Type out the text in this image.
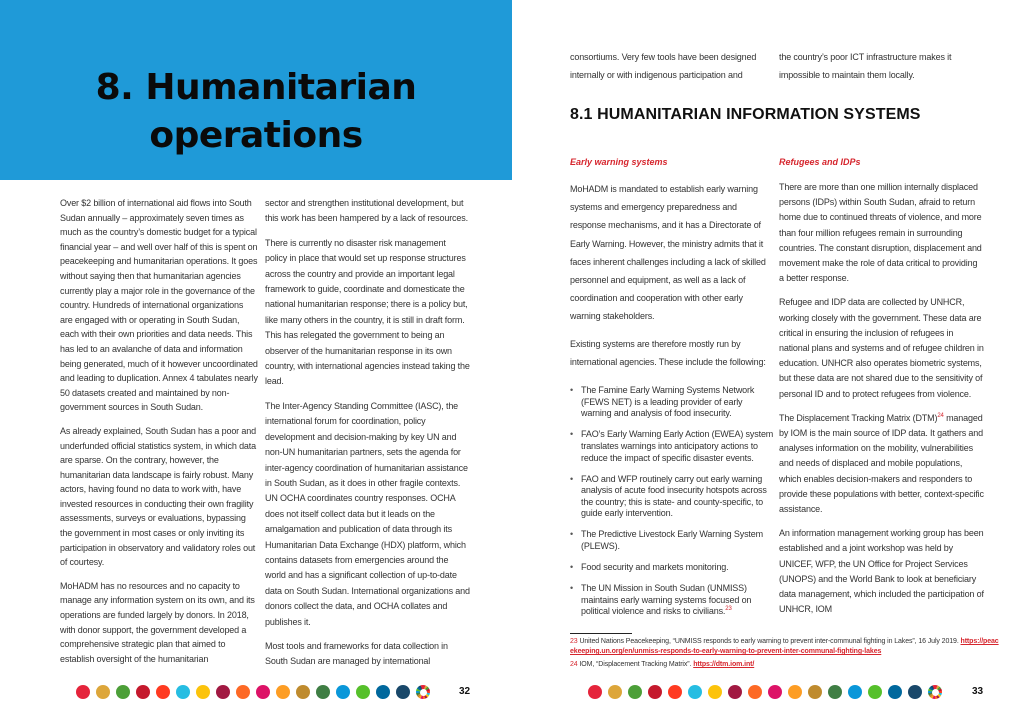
8. Humanitarian
operations

Over $2 billion of international aid flows into South Sudan annually – approximately seven times as much as the country’s domestic budget for a typical financial year – and well over half of this is spent on peacekeeping and humanitarian operations. It goes without saying then that humanitarian agencies currently play a major role in the governance of the country. Hundreds of international organizations are engaged with or operating in South Sudan, each with their own priorities and data needs. This has led to an avalanche of data and information being generated, much of it however uncoordinated and leading to duplication. Annex 4 tabulates nearly 50 datasets created and maintained by non-government sources in South Sudan.

As already explained, South Sudan has a poor and underfunded official statistics system, in which data are sparse. On the contrary, however, the humanitarian data landscape is fairly robust. Many actors, having found no data to work with, have invested resources in conducting their own fragility assessments, surveys or evaluations, bypassing the government in most cases or only inviting its participation in observatory and validatory roles out of courtesy.

MoHADM has no resources and no capacity to manage any information system on its own, and its operations are funded largely by donors. In 2018, with donor support, the government developed a comprehensive strategic plan that aimed to establish oversight of the humanitarian

sector and strengthen institutional development, but this work has been hampered by a lack of resources.

There is currently no disaster risk management policy in place that would set up response structures across the country and provide an important legal framework to guide, coordinate and domesticate the national humanitarian response; there is a policy but, like many others in the country, it is still in draft form. This has relegated the government to being an observer of the humanitarian response in its own country, with international agencies instead taking the lead.

The Inter-Agency Standing Committee (IASC), the international forum for coordination, policy development and decision-making by key UN and non-UN humanitarian partners, sets the agenda for inter-agency coordination of humanitarian assistance in South Sudan, as it does in other fragile contexts. UN OCHA coordinates country responses. OCHA does not itself collect data but it leads on the amalgamation and publication of data through its Humanitarian Data Exchange (HDX) platform, which contains datasets from emergencies around the world and has a significant collection of up-to-date data on South Sudan. International organizations and donors collect the data, and OCHA collates and publishes it.

Most tools and frameworks for data collection in South Sudan are managed by international

32
consortiums. Very few tools have been designed internally or with indigenous participation and
the country’s poor ICT infrastructure makes it impossible to maintain them locally.
8.1 HUMANITARIAN INFORMATION SYSTEMS
Early warning systems	Refugees and IDPs

MoHADM is mandated to establish early warning systems and emergency preparedness and response mechanisms, and it has a Directorate of Early Warning. However, the ministry admits that it faces inherent challenges including a lack of skilled personnel and equipment, as well as a lack of coordination and cooperation with other early warning stakeholders.

Existing systems are therefore mostly run by international agencies. These include the following:

• The Famine Early Warning Systems Network (FEWS NET) is a leading provider of early warning and analysis of food insecurity.
• FAO’s Early Warning Early Action (EWEA) system translates warnings into anticipatory actions to reduce the impact of specific disaster events.
• FAO and WFP routinely carry out early warning analysis of acute food insecurity hotspots across the country; this is state- and county-specific, to guide early intervention.
• The Predictive Livestock Early Warning System (PLEWS).
• Food security and markets monitoring.
• The UN Mission in South Sudan (UNMISS) maintains early warning systems focused on political violence and risks to civilians.$^{23}$

There are more than one million internally displaced persons (IDPs) within South Sudan, afraid to return home due to continued threats of violence, and more than four million refugees remain in surrounding countries. The constant disruption, displacement and movement make the role of data critical to providing a better response.

Refugee and IDP data are collected by UNHCR, working closely with the government. These data are critical in ensuring the inclusion of refugees in national plans and systems and of refugee children in education. UNHCR also operates biometric systems, but these data are not shared due to the sensitivity of personal ID and to protect refugees from violence.

The Displacement Tracking Matrix (DTM)$^{24}$ managed by IOM is the main source of IDP data. It gathers and analyses information on the mobility, vulnerabilities and needs of displaced and mobile populations, which enables decision-makers and responders to provide these populations with better, context-specific assistance.

An information management working group has been established and a joint workshop was held by UNICEF, WFP, the UN Office for Project Services (UNOPS) and the World Bank to look at beneficiary data management, which included the participation of UNHCR, IOM

23 United Nations Peacekeeping, “UNMISS responds to early warning to prevent inter-communal fighting in Lakes”, 16 July 2019. https://peacekeeping.un.org/en/unmiss-responds-to-early-warning-to-prevent-inter-communal-fighting-lakes
24 IOM, “Displacement Tracking Matrix”. https://dtm.iom.int/
33
